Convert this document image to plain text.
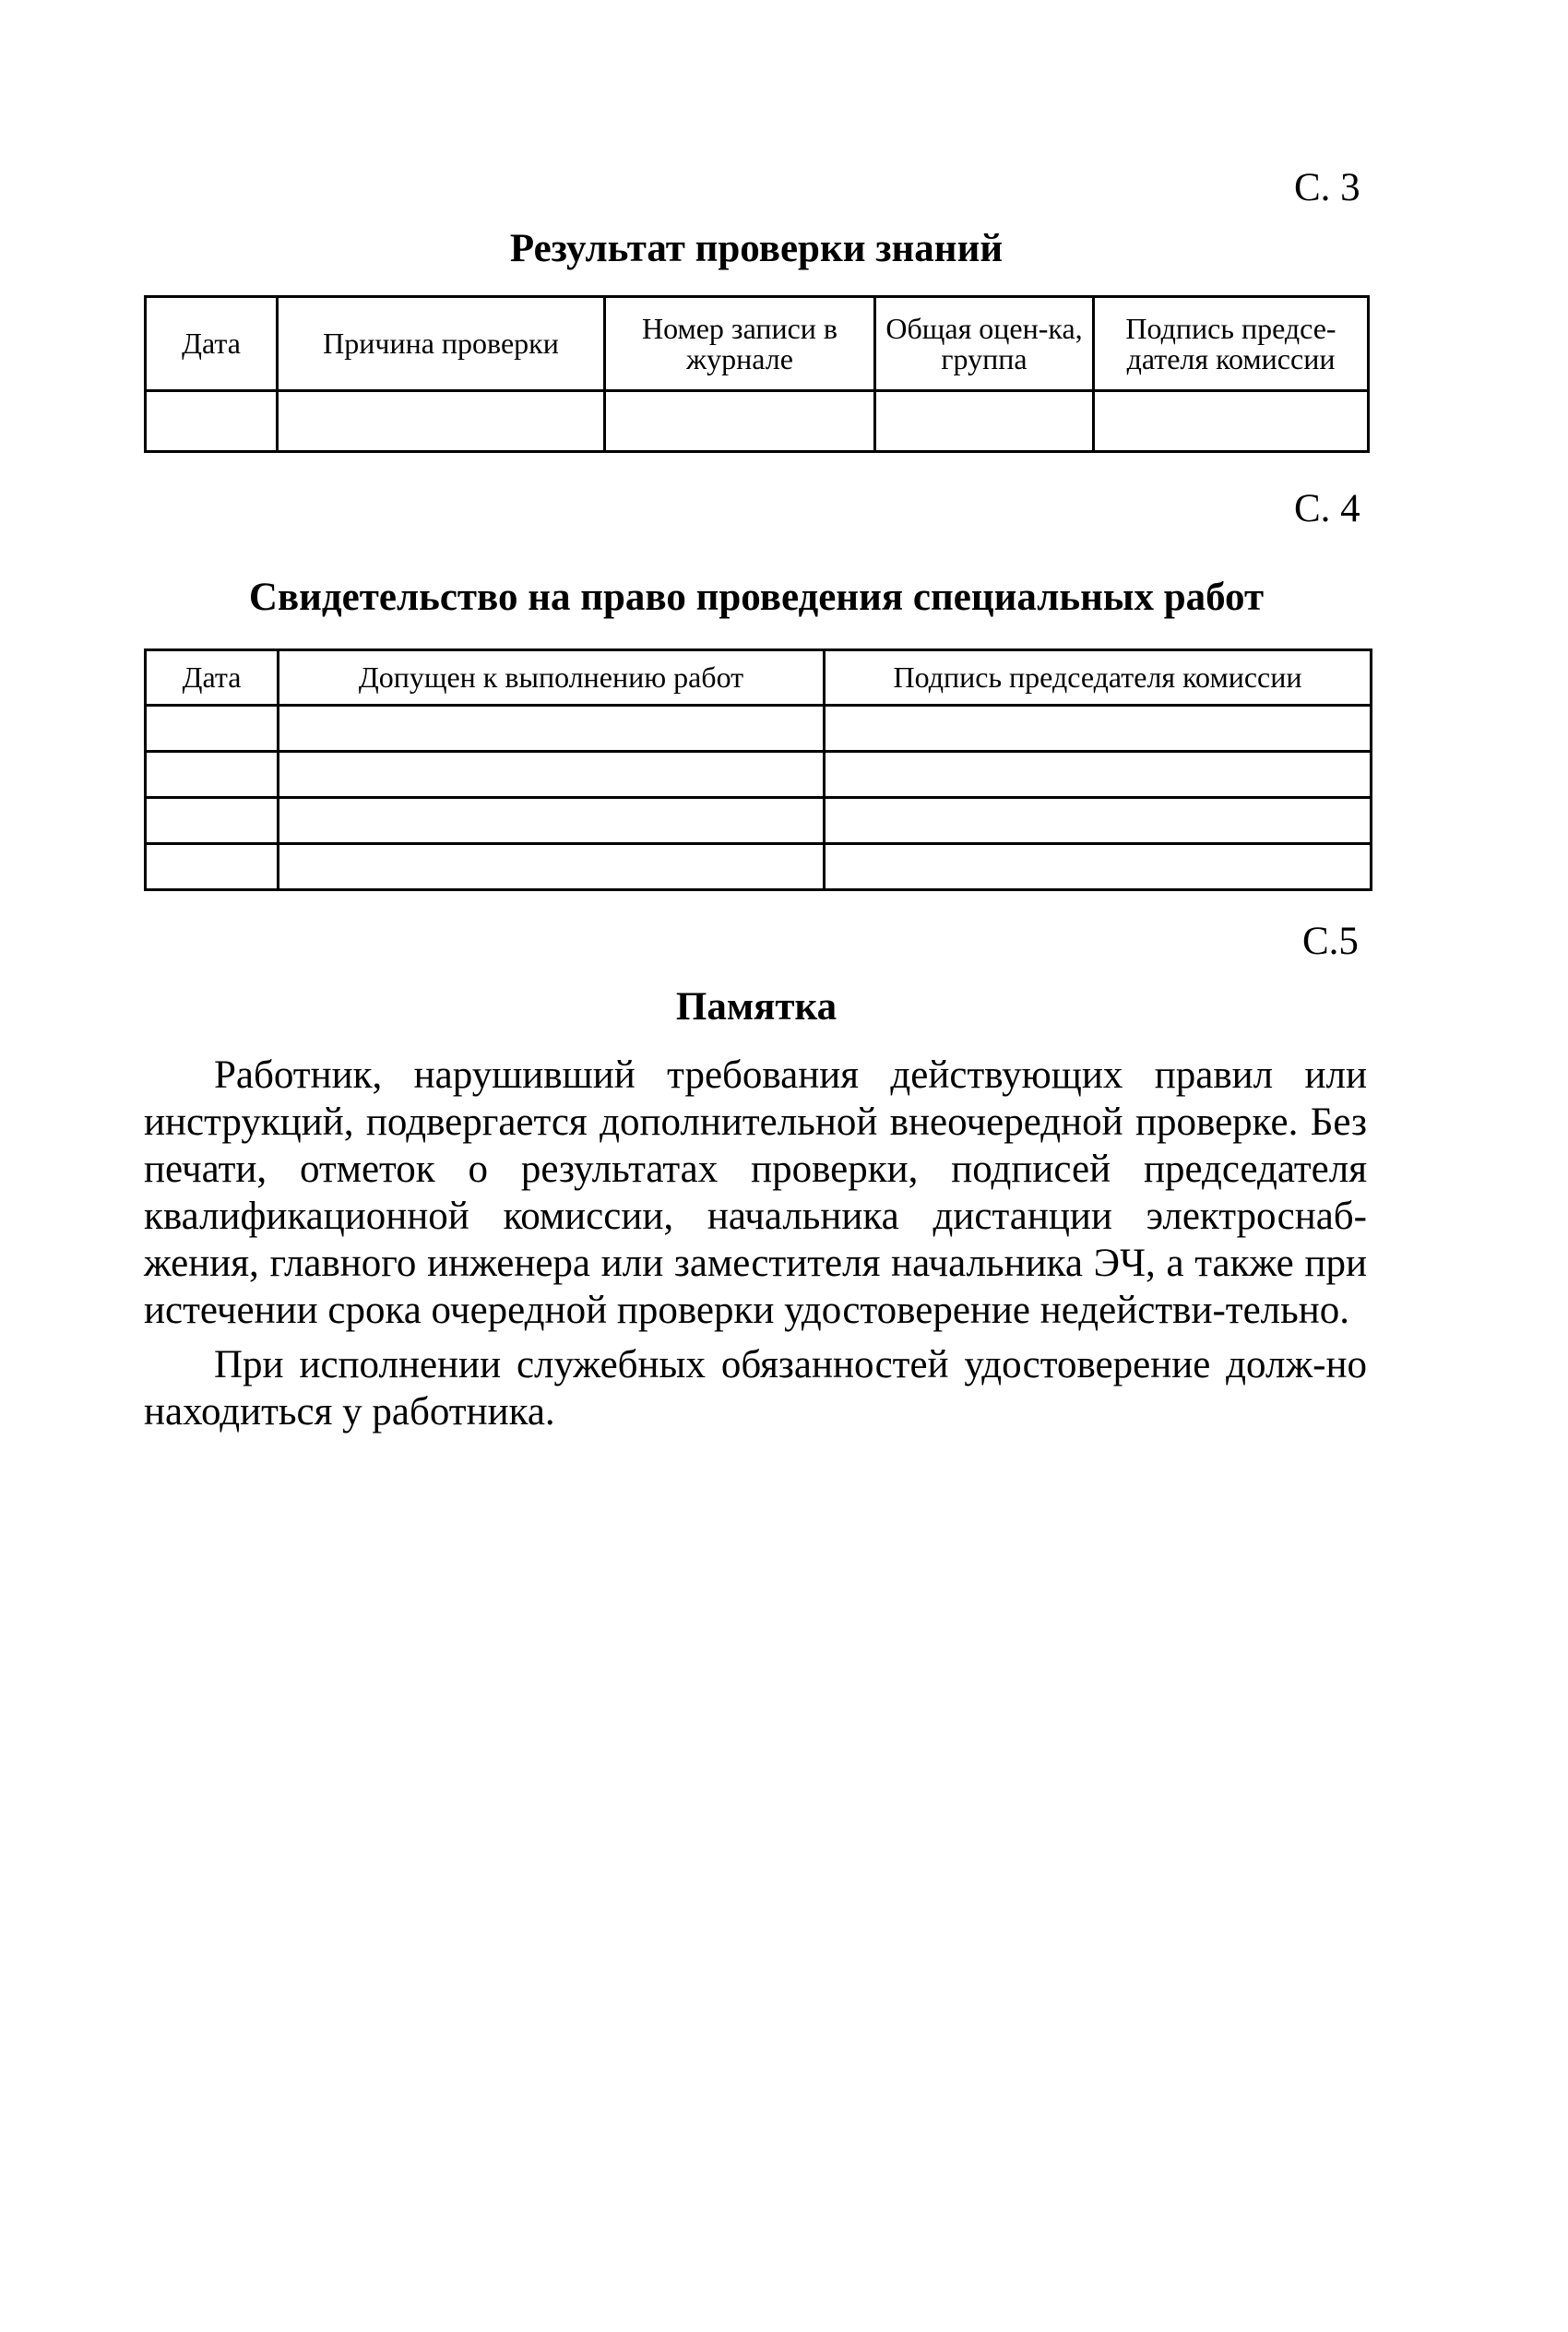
С. 3
Результат проверки знаний
Дата	Причина проверки	Номер записи в журнале	Общая оцен-ка, группа	Подпись предсе-дателя комиссии

С. 4
Свидетельство на право проведения специальных работ
Дата	Допущен к выполнению работ	Подпись председателя комиссии

С.5
Памятка

Работник, нарушивший требования действующих правил или инструкций, подвергается дополнительной внеочередной проверке. Без печати, отметок о результатах проверки, подписей председателя квалификационной комиссии, начальника дистанции электроснаб-жения, главного инженера или заместителя начальника ЭЧ, а также при истечении срока очередной проверки удостоверение недействи-тельно.

При исполнении служебных обязанностей удостоверение долж-но находиться у работника.
